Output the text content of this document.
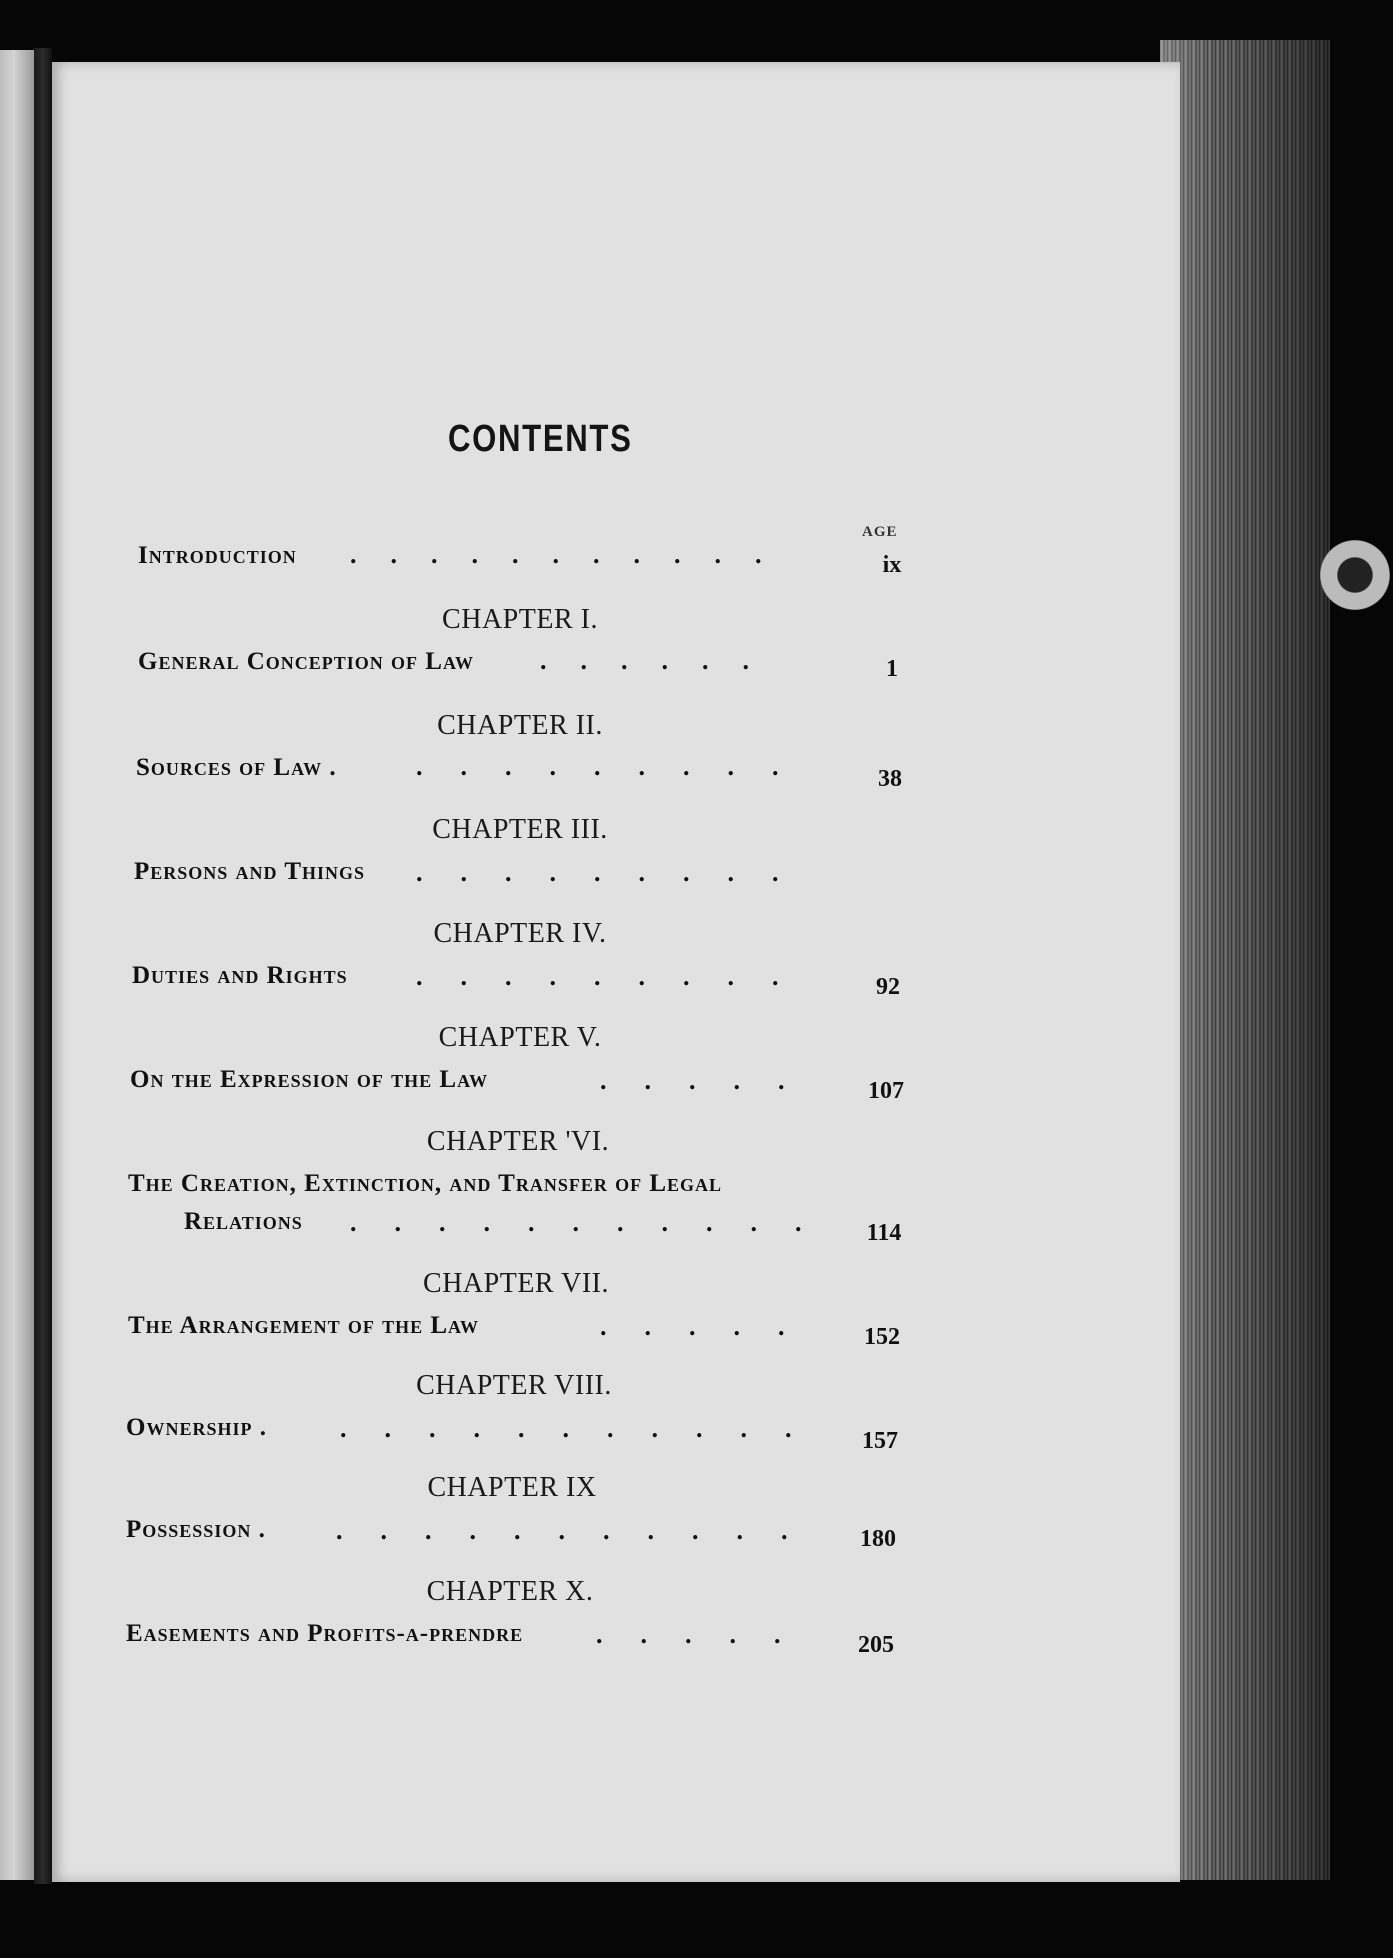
CONTENTS
AGE
Introduction ...........	ix
CHAPTER I.
General Conception of Law	......	1
CHAPTER II.
Sources of Law .	.........	38
CHAPTER III.
Persons and Things .........
CHAPTER IV.
Duties and Rights	.........	92
CHAPTER V.
On the Expression of the Law	.....	107
CHAPTER 'VI.
The Creation, Extinction, and Transfer of Legal
Relations ...........	114
CHAPTER VII.
The Arrangement of the Law	.....	152
CHAPTER VIII.
Ownership .	...........	157
CHAPTER IX
Possession .	...........	180
CHAPTER X.
Easements and Profits-a-prendre	.....	205
